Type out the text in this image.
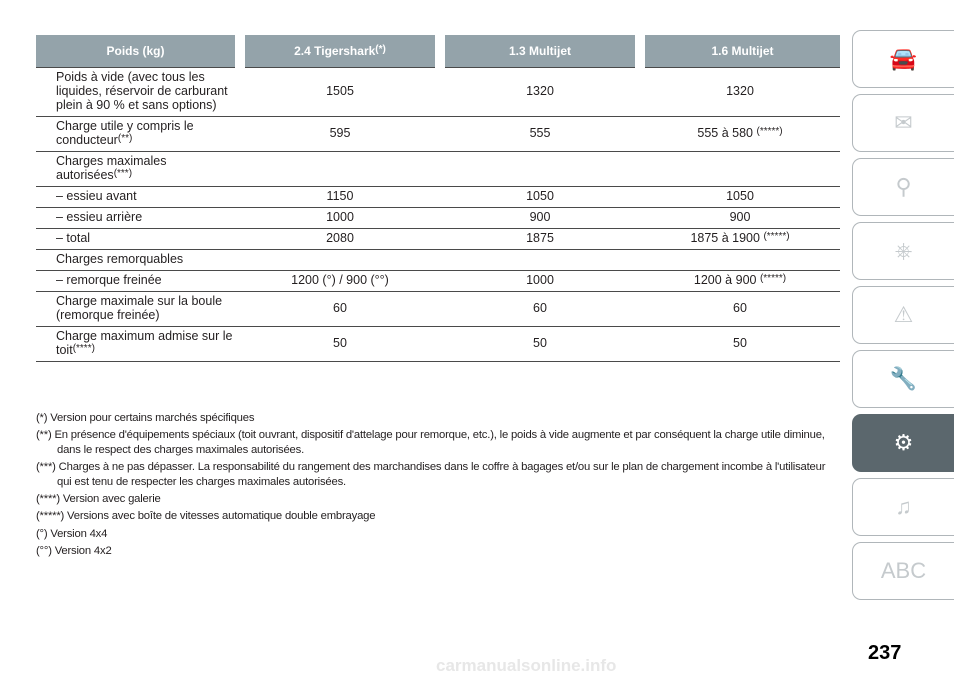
Poids (kg)	2.4 Tigershark(*)	1.3 Multijet	1.6 Multijet
Poids à vide (avec tous les
liquides, réservoir de carburant
plein à 90 % et sans options)	1505	1320	1320
Charge utile y compris le
conducteur(**)	595	555	555 à 580 (*****)
Charges maximales
autorisées(***)			
– essieu avant	1150	1050	1050
– essieu arrière	1000	900	900
– total	2080	1875	1875 à 1900 (*****)
Charges remorquables			
– remorque freinée	1200 (°) / 900 (°°)	1000	1200 à 900 (*****)
Charge maximale sur la boule
(remorque freinée)	60	60	60
Charge maximum admise sur le
toit(****)	50	50	50

(*) Version pour certains marchés spécifiques

(**) En présence d'équipements spéciaux (toit ouvrant, dispositif d'attelage pour remorque, etc.), le poids à vide augmente et par conséquent la charge utile diminue, dans le respect des charges maximales autorisées.

(***) Charges à ne pas dépasser. La responsabilité du rangement des marchandises dans le coffre à bagages et/ou sur le plan de chargement incombe à l'utilisateur qui est tenu de respecter les charges maximales autorisées.

(****) Version avec galerie

(*****) Versions avec boîte de vitesses automatique double embrayage

(°) Version 4x4

(°°) Version 4x2

🚘
✉
⚲
⎈
⚠
🔧
⚙
♫
ABC
237
carmanualsonline.info
